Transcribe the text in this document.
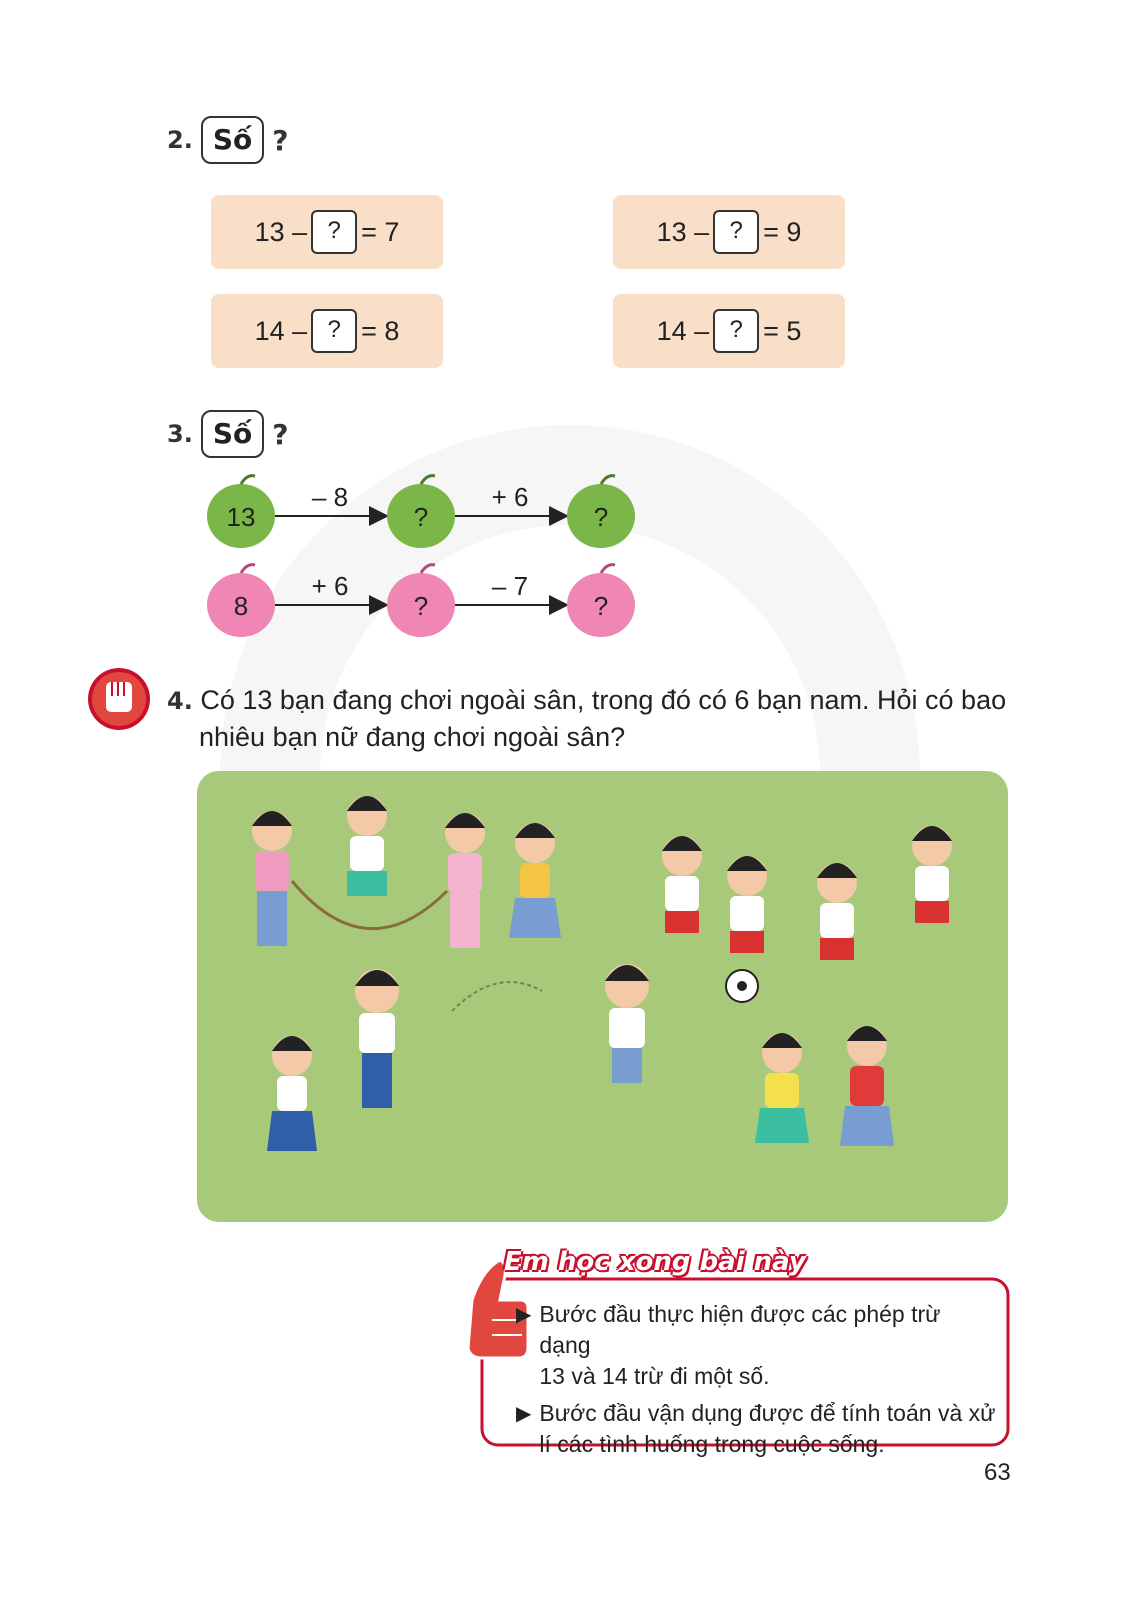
2. Số ?
13 – ? = 7	13 – ? = 9
14 – ? = 8	14 – ? = 5
3. Số ?
13
– 8
?
+ 6
?
8
+ 6
?
– 7
?
4. Có 13 bạn đang chơi ngoài sân, trong đó có 6 bạn nam. Hỏi có bao
nhiêu bạn nữ đang chơi ngoài sân?
Em học xong bài này
▶ Bước đầu thực hiện được các phép trừ dạng
13 và 14 trừ đi một số.
▶ Bước đầu vận dụng được để tính toán và xử
lí các tình huống trong cuộc sống.
63
